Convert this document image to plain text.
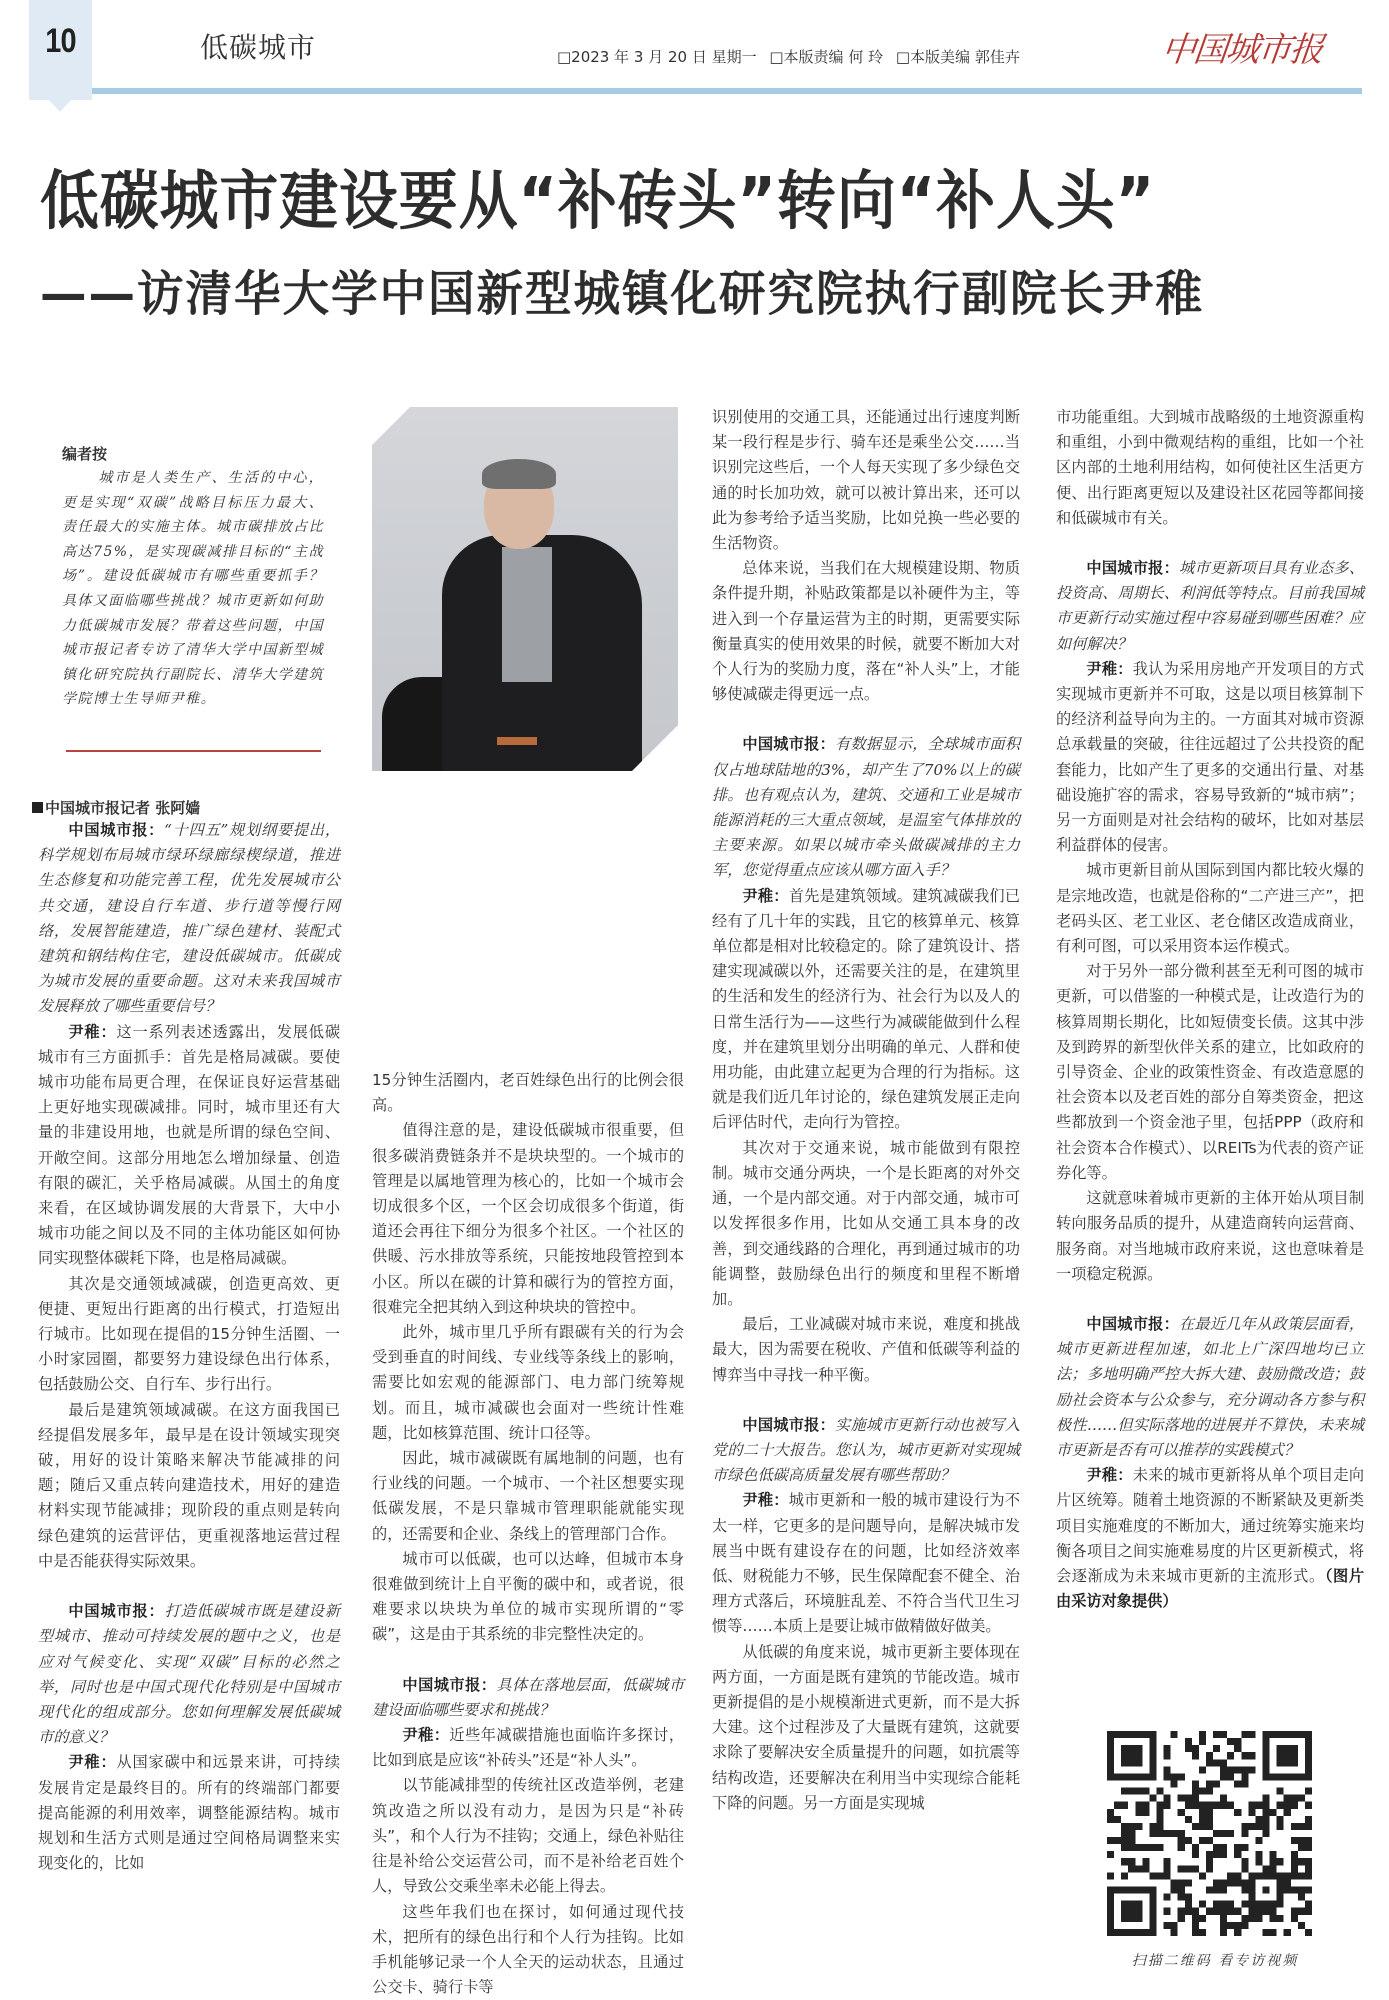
10	低碳城市	□2023 年 3 月 20 日 星期一 □本版责编 何 玲 □本版美编 郭佳卉	中国城市报
低碳城市建设要从“补砖头”转向“补人头”
——访清华大学中国新型城镇化研究院执行副院长尹稚
编者按
城市是人类生产、生活的中心，更是实现“双碳”战略目标压力最大、责任最大的实施主体。城市碳排放占比高达75%，是实现碳减排目标的“主战场”。建设低碳城市有哪些重要抓手？具体又面临哪些挑战？城市更新如何助力低碳城市发展？带着这些问题，中国城市报记者专访了清华大学中国新型城镇化研究院执行副院长、清华大学建筑学院博士生导师尹稚。
中国城市报记者 张阿嫱

中国城市报：“十四五”规划纲要提出，科学规划布局城市绿环绿廊绿楔绿道，推进生态修复和功能完善工程，优先发展城市公共交通，建设自行车道、步行道等慢行网络，发展智能建造，推广绿色建材、装配式建筑和钢结构住宅，建设低碳城市。低碳成为城市发展的重要命题。这对未来我国城市发展释放了哪些重要信号？

尹稚：这一系列表述透露出，发展低碳城市有三方面抓手：首先是格局减碳。要使城市功能布局更合理，在保证良好运营基础上更好地实现碳减排。同时，城市里还有大量的非建设用地，也就是所谓的绿色空间、开敞空间。这部分用地怎么增加绿量、创造有限的碳汇，关乎格局减碳。从国土的角度来看，在区域协调发展的大背景下，大中小城市功能之间以及不同的主体功能区如何协同实现整体碳耗下降，也是格局减碳。

其次是交通领域减碳，创造更高效、更便捷、更短出行距离的出行模式，打造短出行城市。比如现在提倡的15分钟生活圈、一小时家园圈，都要努力建设绿色出行体系，包括鼓励公交、自行车、步行出行。

最后是建筑领域减碳。在这方面我国已经提倡发展多年，最早是在设计领域实现突破，用好的设计策略来解决节能减排的问题；随后又重点转向建造技术，用好的建造材料实现节能减排；现阶段的重点则是转向绿色建筑的运营评估，更重视落地运营过程中是否能获得实际效果。

中国城市报：打造低碳城市既是建设新型城市、推动可持续发展的题中之义，也是应对气候变化、实现“双碳”目标的必然之举，同时也是中国式现代化特别是中国城市现代化的组成部分。您如何理解发展低碳城市的意义？

尹稚：从国家碳中和远景来讲，可持续发展肯定是最终目的。所有的终端部门都要提高能源的利用效率，调整能源结构。城市规划和生活方式则是通过空间格局调整来实现变化的，比如

15分钟生活圈内，老百姓绿色出行的比例会很高。

值得注意的是，建设低碳城市很重要，但很多碳消费链条并不是块块型的。一个城市的管理是以属地管理为核心的，比如一个城市会切成很多个区，一个区会切成很多个街道，街道还会再往下细分为很多个社区。一个社区的供暖、污水排放等系统，只能按地段管控到本小区。所以在碳的计算和碳行为的管控方面，很难完全把其纳入到这种块块的管控中。

此外，城市里几乎所有跟碳有关的行为会受到垂直的时间线、专业线等条线上的影响，需要比如宏观的能源部门、电力部门统筹规划。而且，城市减碳也会面对一些统计性难题，比如核算范围、统计口径等。

因此，城市减碳既有属地制的问题，也有行业线的问题。一个城市、一个社区想要实现低碳发展，不是只靠城市管理职能就能实现的，还需要和企业、条线上的管理部门合作。

城市可以低碳，也可以达峰，但城市本身很难做到统计上自平衡的碳中和，或者说，很难要求以块块为单位的城市实现所谓的“零碳”，这是由于其系统的非完整性决定的。

中国城市报：具体在落地层面，低碳城市建设面临哪些要求和挑战？

尹稚：近些年减碳措施也面临许多探讨，比如到底是应该“补砖头”还是“补人头”。

以节能减排型的传统社区改造举例，老建筑改造之所以没有动力，是因为只是“补砖头”，和个人行为不挂钩；交通上，绿色补贴往往是补给公交运营公司，而不是补给老百姓个人，导致公交乘坐率未必能上得去。

这些年我们也在探讨，如何通过现代技术，把所有的绿色出行和个人行为挂钩。比如手机能够记录一个人全天的运动状态，且通过公交卡、骑行卡等

识别使用的交通工具，还能通过出行速度判断某一段行程是步行、骑车还是乘坐公交……当识别完这些后，一个人每天实现了多少绿色交通的时长加功效，就可以被计算出来，还可以此为参考给予适当奖励，比如兑换一些必要的生活物资。

总体来说，当我们在大规模建设期、物质条件提升期，补贴政策都是以补硬件为主，等进入到一个存量运营为主的时期，更需要实际衡量真实的使用效果的时候，就要不断加大对个人行为的奖励力度，落在“补人头”上，才能够使减碳走得更远一点。

中国城市报：有数据显示，全球城市面积仅占地球陆地的3%，却产生了70%以上的碳排。也有观点认为，建筑、交通和工业是城市能源消耗的三大重点领域，是温室气体排放的主要来源。如果以城市牵头做碳减排的主力军，您觉得重点应该从哪方面入手？

尹稚：首先是建筑领域。建筑减碳我们已经有了几十年的实践，且它的核算单元、核算单位都是相对比较稳定的。除了建筑设计、搭建实现减碳以外，还需要关注的是，在建筑里的生活和发生的经济行为、社会行为以及人的日常生活行为——这些行为减碳能做到什么程度，并在建筑里划分出明确的单元、人群和使用功能，由此建立起更为合理的行为指标。这就是我们近几年讨论的，绿色建筑发展正走向后评估时代，走向行为管控。

其次对于交通来说，城市能做到有限控制。城市交通分两块，一个是长距离的对外交通，一个是内部交通。对于内部交通，城市可以发挥很多作用，比如从交通工具本身的改善，到交通线路的合理化，再到通过城市的功能调整，鼓励绿色出行的频度和里程不断增加。

最后，工业减碳对城市来说，难度和挑战最大，因为需要在税收、产值和低碳等利益的博弈当中寻找一种平衡。

中国城市报：实施城市更新行动也被写入党的二十大报告。您认为，城市更新对实现城市绿色低碳高质量发展有哪些帮助？

尹稚：城市更新和一般的城市建设行为不太一样，它更多的是问题导向，是解决城市发展当中既有建设存在的问题，比如经济效率低、财税能力不够，民生保障配套不健全、治理方式落后，环境脏乱差、不符合当代卫生习惯等……本质上是要让城市做精做好做美。

从低碳的角度来说，城市更新主要体现在两方面，一方面是既有建筑的节能改造。城市更新提倡的是小规模渐进式更新，而不是大拆大建。这个过程涉及了大量既有建筑，这就要求除了要解决安全质量提升的问题，如抗震等结构改造，还要解决在利用当中实现综合能耗下降的问题。另一方面是实现城

市功能重组。大到城市战略级的土地资源重构和重组，小到中微观结构的重组，比如一个社区内部的土地利用结构，如何使社区生活更方便、出行距离更短以及建设社区花园等都间接和低碳城市有关。

中国城市报：城市更新项目具有业态多、投资高、周期长、利润低等特点。目前我国城市更新行动实施过程中容易碰到哪些困难？应如何解决？

尹稚：我认为采用房地产开发项目的方式实现城市更新并不可取，这是以项目核算制下的经济利益导向为主的。一方面其对城市资源总承载量的突破，往往远超过了公共投资的配套能力，比如产生了更多的交通出行量、对基础设施扩容的需求，容易导致新的“城市病”；另一方面则是对社会结构的破坏，比如对基层利益群体的侵害。

城市更新目前从国际到国内都比较火爆的是宗地改造，也就是俗称的“二产进三产”，把老码头区、老工业区、老仓储区改造成商业，有利可图，可以采用资本运作模式。

对于另外一部分微利甚至无利可图的城市更新，可以借鉴的一种模式是，让改造行为的核算周期长期化，比如短债变长债。这其中涉及到跨界的新型伙伴关系的建立，比如政府的引导资金、企业的政策性资金、有改造意愿的社会资本以及老百姓的部分自筹类资金，把这些都放到一个资金池子里，包括PPP（政府和社会资本合作模式）、以REITs为代表的资产证券化等。

这就意味着城市更新的主体开始从项目制转向服务品质的提升，从建造商转向运营商、服务商。对当地城市政府来说，这也意味着是一项稳定税源。

中国城市报：在最近几年从政策层面看，城市更新进程加速，如北上广深四地均已立法；多地明确严控大拆大建、鼓励微改造；鼓励社会资本与公众参与，充分调动各方参与积极性……但实际落地的进展并不算快，未来城市更新是否有可以推荐的实践模式？

尹稚：未来的城市更新将从单个项目走向片区统筹。随着土地资源的不断紧缺及更新类项目实施难度的不断加大，通过统筹实施来均衡各项目之间实施难易度的片区更新模式，将会逐渐成为未来城市更新的主流形式。（图片由采访对象提供）

扫描二维码 看专访视频
